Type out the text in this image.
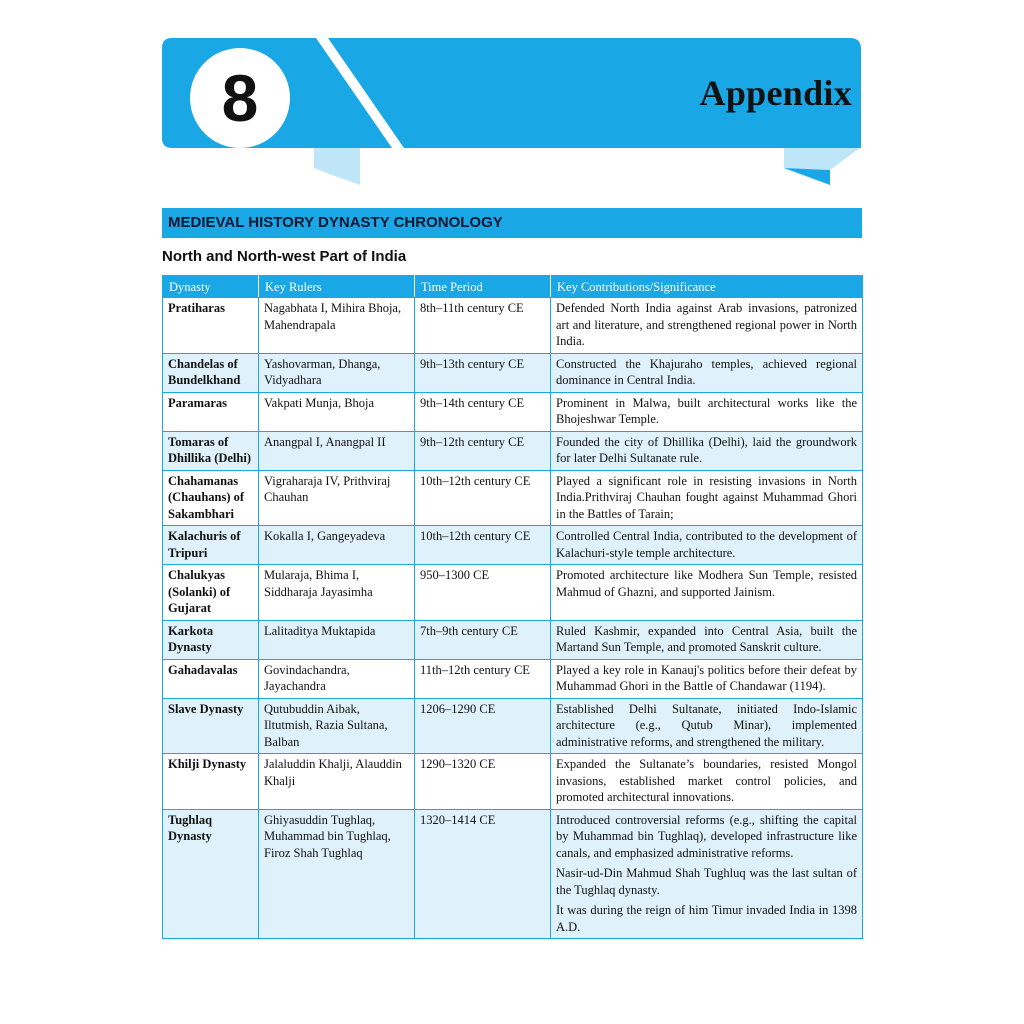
8	Appendix
MEDIEVAL HISTORY DYNASTY CHRONOLOGY
North and North-west Part of India
Dynasty	Key Rulers	Time Period	Key Contributions/Significance
Pratiharas	Nagabhata I, Mihira Bhoja, Mahendrapala	8th–11th century CE	Defended North India against Arab invasions, patronized art and literature, and strengthened regional power in North India.

Chandelas of Bundelkhand	Yashovarman, Dhanga, Vidyadhara	9th–13th century CE	Constructed the Khajuraho temples, achieved regional dominance in Central India.

Paramaras	Vakpati Munja, Bhoja	9th–14th century CE	Prominent in Malwa, built architectural works like the Bhojeshwar Temple.

Tomaras of Dhillika (Delhi)	Anangpal I, Anangpal II	9th–12th century CE	Founded the city of Dhillika (Delhi), laid the groundwork for later Delhi Sultanate rule.

Chahamanas (Chauhans) of Sakambhari	Vigraharaja IV, Prithviraj Chauhan	10th–12th century CE	Played a significant role in resisting invasions in North India.Prithviraj Chauhan fought against Muhammad Ghori in the Battles of Tarain;

Kalachuris of Tripuri	Kokalla I, Gangeyadeva	10th–12th century CE	Controlled Central India, contributed to the development of Kalachuri-style temple architecture.

Chalukyas (Solanki) of Gujarat	Mularaja, Bhima I, Siddharaja Jayasimha	950–1300 CE	Promoted architecture like Modhera Sun Temple, resisted Mahmud of Ghazni, and supported Jainism.

Karkota Dynasty	Lalitaditya Muktapida	7th–9th century CE	Ruled Kashmir, expanded into Central Asia, built the Martand Sun Temple, and promoted Sanskrit culture.

Gahadavalas	Govindachandra, Jayachandra	11th–12th century CE	Played a key role in Kanauj's politics before their defeat by Muhammad Ghori in the Battle of Chandawar (1194).

Slave Dynasty	Qutubuddin Aibak, Iltutmish, Razia Sultana, Balban	1206–1290 CE	Established Delhi Sultanate, initiated Indo-Islamic architecture (e.g., Qutub Minar), implemented administrative reforms, and strengthened the military.

Khilji Dynasty	Jalaluddin Khalji, Alauddin Khalji	1290–1320 CE	Expanded the Sultanate’s boundaries, resisted Mongol invasions, established market control policies, and promoted architectural innovations.

Tughlaq Dynasty	Ghiyasuddin Tughlaq, Muhammad bin Tughlaq, Firoz Shah Tughlaq	1320–1414 CE	Introduced controversial reforms (e.g., shifting the capital by Muhammad bin Tughlaq), developed infrastructure like canals, and emphasized administrative reforms.

Nasir-ud-Din Mahmud Shah Tughluq was the last sultan of the Tughlaq dynasty.

It was during the reign of him Timur invaded India in 1398 A.D.
